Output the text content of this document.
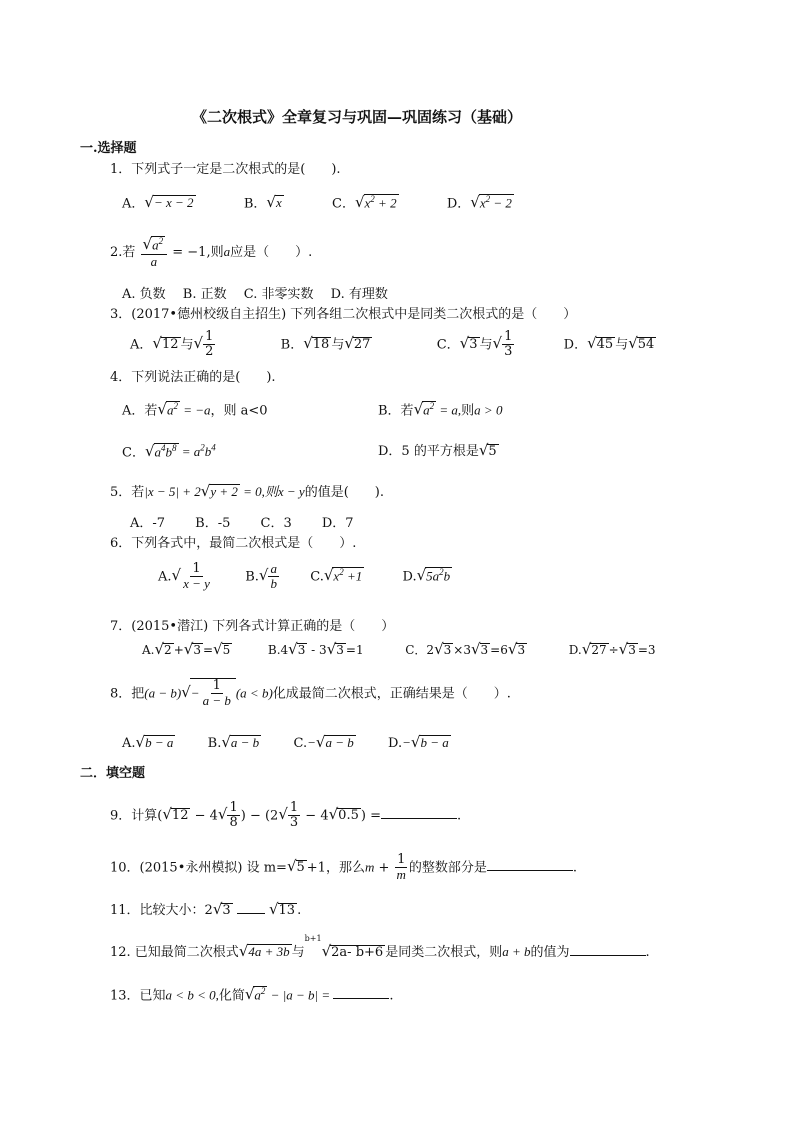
《二次根式》全章复习与巩固—巩固练习（基础）
一.选择题
1．下列式子一定是二次根式的是(　　).
A．√− x − 2	B．√x	C．$√x^2 + 2$	D．$√x^2 - 2$
2.若 $\frac{√a^2}{a} = -1$,则a应是（　　）.
A. 负数　 B. 正数　 C. 非零实数　 D. 有理数
3．(2017•德州校级自主招生) 下列各组二次根式中是同类二次根式的是（　　）
A．√12 与√ $\frac{1}{2}$	B．√18 与√27	C．√3 与√ $\frac{1}{3}$	D．√45 与√54
4．下列说法正确的是(　　).
A．若$√a^2 = -a$，则 a<0	B．若$√a^2 = a$,则a > 0
C．$√a^4b^8 = a^2b^4$	D．5 的平方根是√5
5．若|x − 5| + 2√y + 2 = 0,则x − y的值是(　　).
A．-7　　 B．-5　　 C．3　　 D．7
6．下列各式中，最简二次根式是（　　）.
$A.√ \frac{1}{x - y}$	$B.√ \frac{a}{b} C.√x^2 +1$	$D.√5a^2b$
7．(2015•潜江) 下列各式计算正确的是（　　）
A.√2 +√3 =√5	B.4√3 - 3√3 =1	C．2√3 ×3√3 =6√3	D.√27 ÷√3 =3
8．把$(a - b)√- \frac{1}{a - b} (a < b)$化成最简二次根式，正确结果是（　　）.
A.√b − a	B.√a − b	C.−√a − b	D.−√b − a
二．填空题
9．计算($√12 - 4√ \frac{1}{8}$ ) − ($2√ \frac{1}{3} - 4√0.5$ ) =	.
10．(2015•永州模拟) 设 m=√5 +1，那么$m + \frac{1}{m}$ 的整数部分是	.
11．比较大小：2√3	√13 .
12. 已知最简二次根式√4a + 3b 与$^{b+1}$√2a- b+6 是同类二次根式，则a + b的值为	.
13．已知a < b < 0,化简$√a^2 - |a - b|$ =	.
